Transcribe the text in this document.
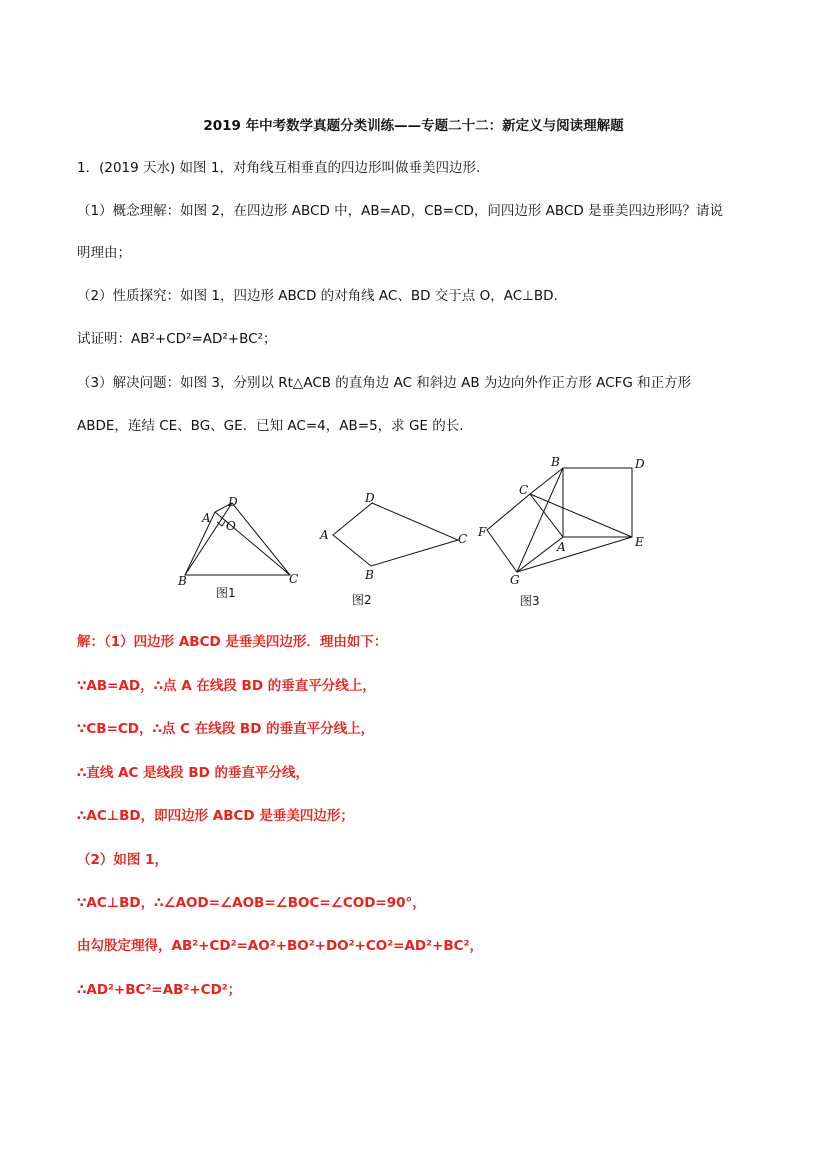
2019 年中考数学真题分类训练——专题二十二：新定义与阅读理解题
1．(2019 天水) 如图 1，对角线互相垂直的四边形叫做垂美四边形.
（1）概念理解：如图 2，在四边形 ABCD 中，AB=AD，CB=CD，问四边形 ABCD 是垂美四边形吗？请说
明理由；
（2）性质探究：如图 1，四边形 ABCD 的对角线 AC、BD 交于点 O，AC⊥BD.
试证明：AB²+CD²=AD²+BC²；
（3）解决问题：如图 3，分别以 Rt△ACB 的直角边 AC 和斜边 AB 为边向外作正方形 ACFG 和正方形
ABDE，连结 CE、BG、GE．已知 AC=4，AB=5，求 GE 的长.
D
A
O
B	C
图1
D
A	C
B
图2
B	D
C
F
A	E
G
图3
解：（1）四边形 ABCD 是垂美四边形．理由如下：
∵AB=AD，∴点 A 在线段 BD 的垂直平分线上，
∵CB=CD，∴点 C 在线段 BD 的垂直平分线上，
∴直线 AC 是线段 BD 的垂直平分线，
∴AC⊥BD，即四边形 ABCD 是垂美四边形；
（2）如图 1，
∵AC⊥BD，∴∠AOD=∠AOB=∠BOC=∠COD=90°，
由勾股定理得，AB²+CD²=AO²+BO²+DO²+CO²=AD²+BC²，
∴AD²+BC²=AB²+CD²；
